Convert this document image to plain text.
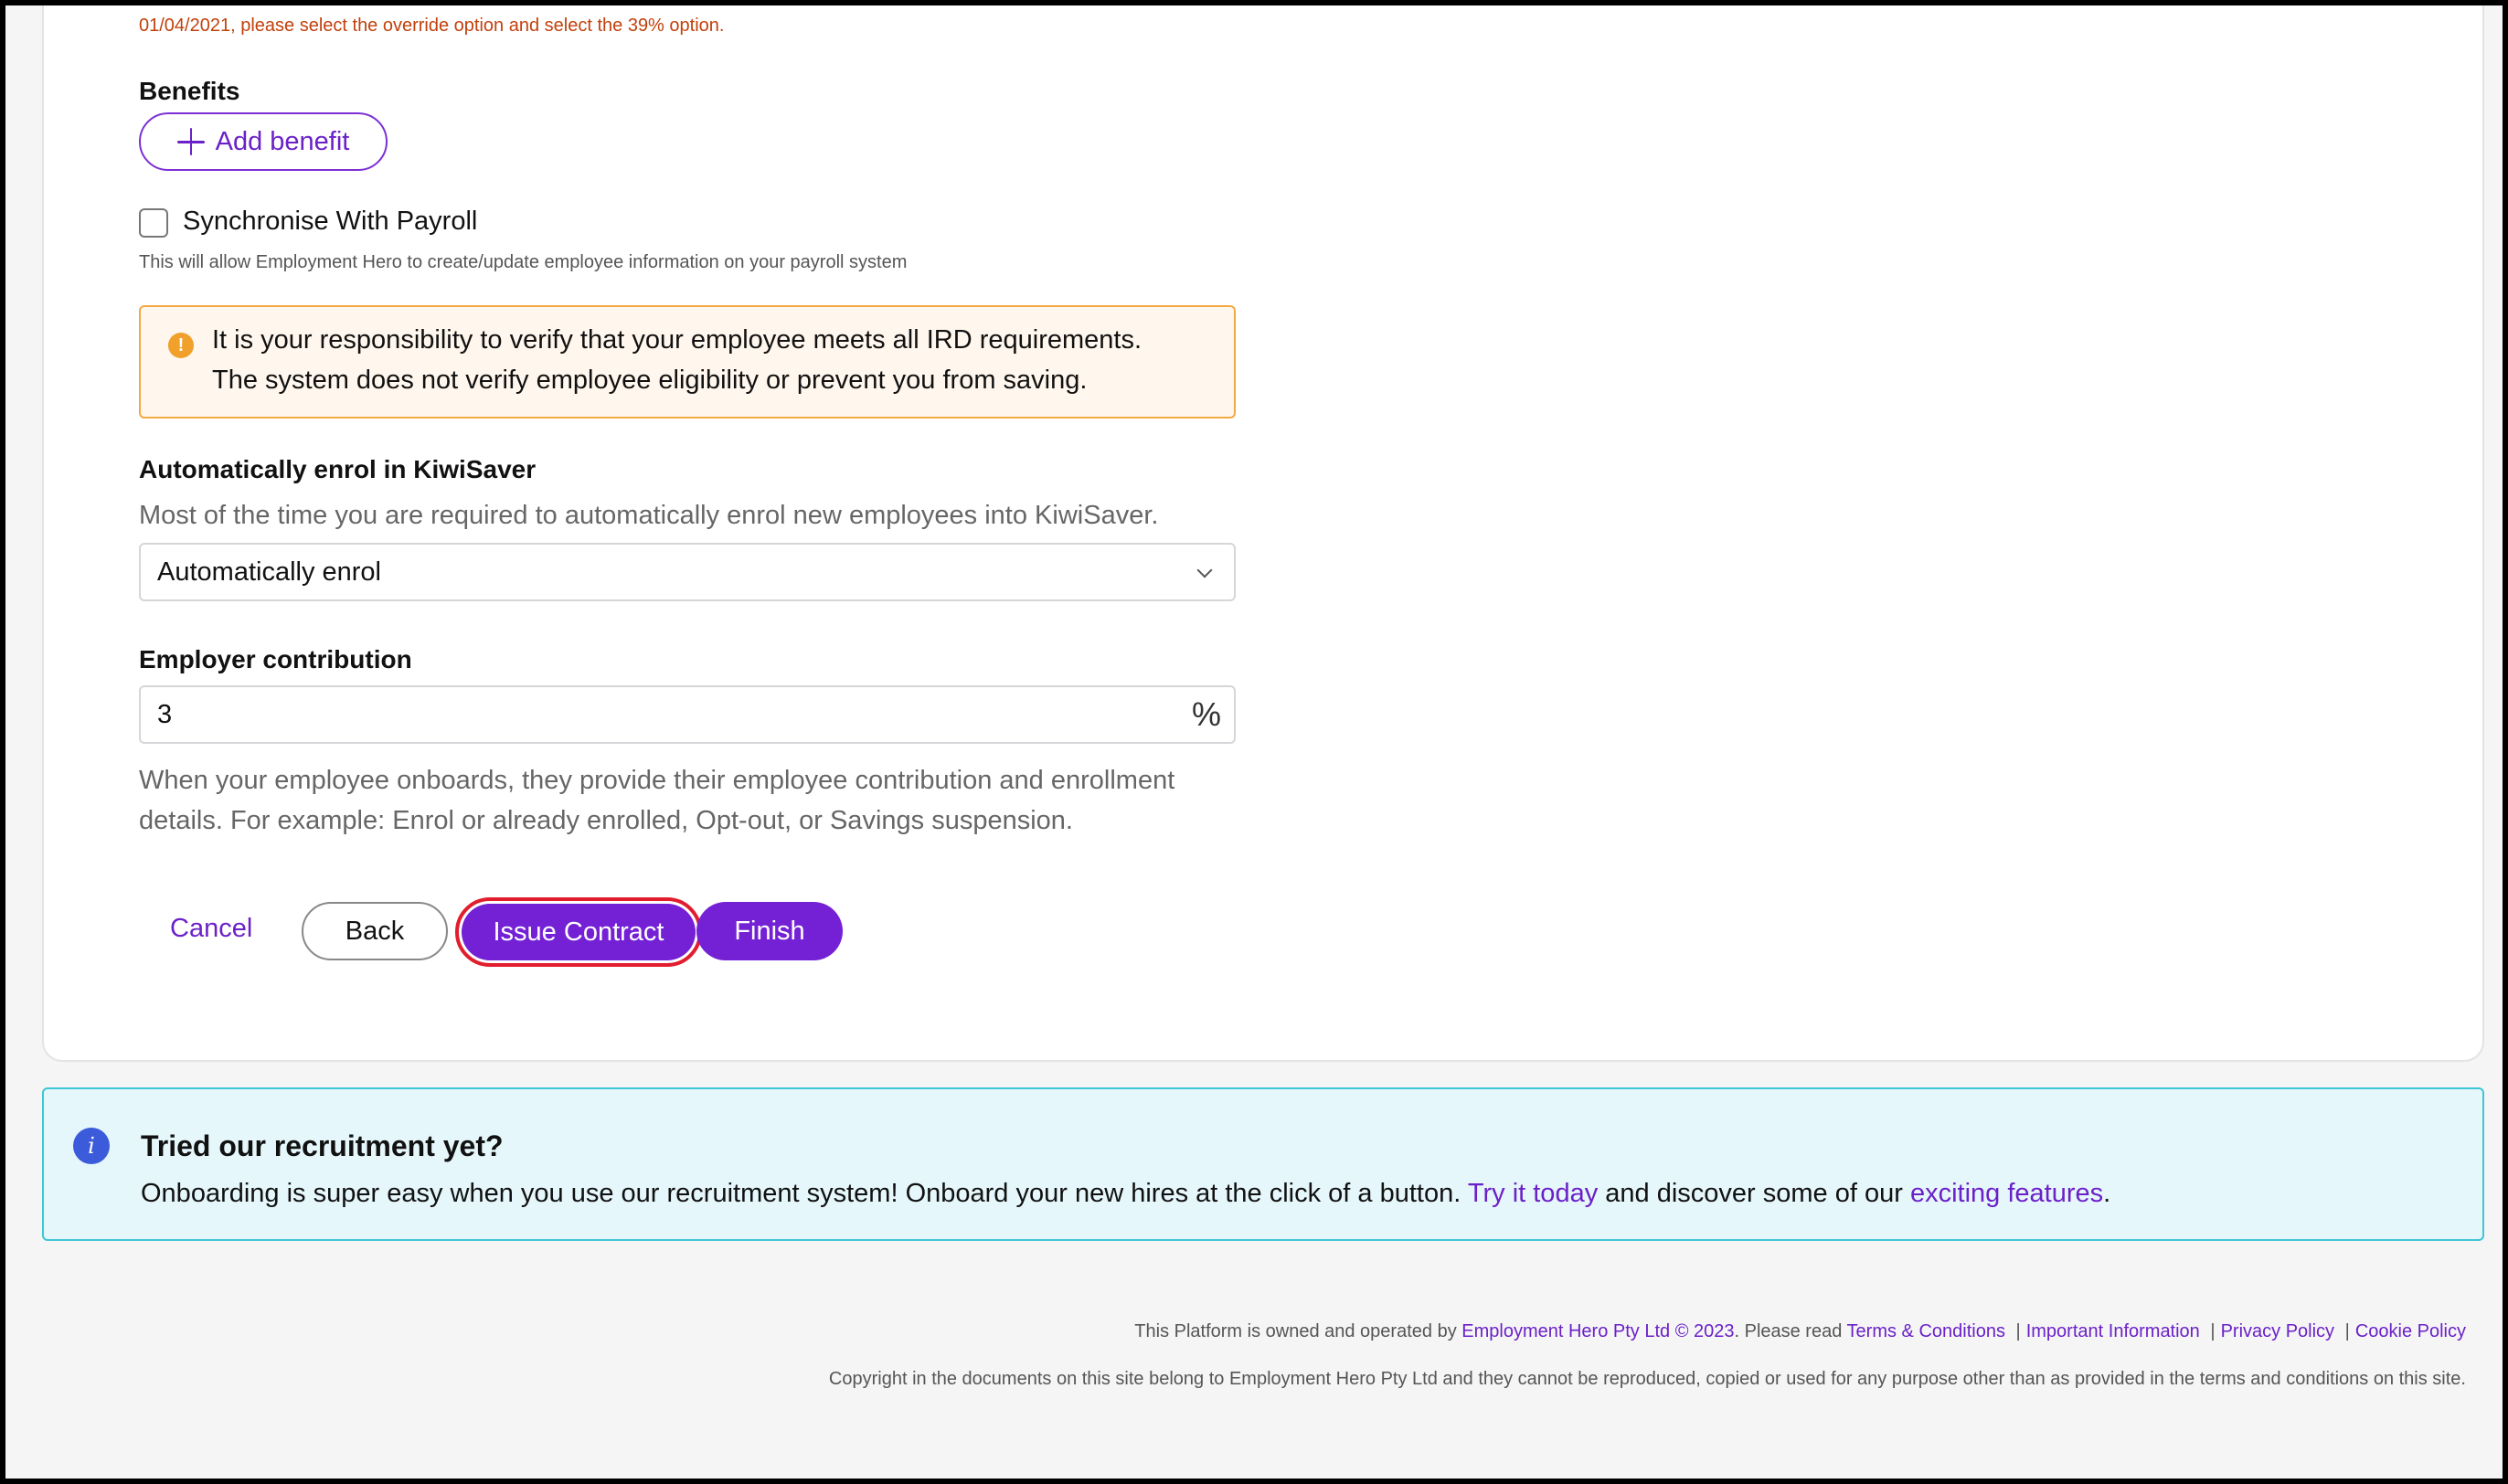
01/04/2021, please select the override option and select the 39% option.
Benefits
Add benefit
Synchronise With Payroll
This will allow Employment Hero to create/update employee information on your payroll system
!	It is your responsibility to verify that your employee meets all IRD requirements.
The system does not verify employee eligibility or prevent you from saving.
Automatically enrol in KiwiSaver
Most of the time you are required to automatically enrol new employees into KiwiSaver.
Automatically enrol
Employer contribution
3	%
When your employee onboards, they provide their employee contribution and enrollment details. For example: Enrol or already enrolled, Opt-out, or Savings suspension.
Cancel	Back	Issue Contract	Finish
i	Tried our recruitment yet?
Onboarding is super easy when you use our recruitment system! Onboard your new hires at the click of a button. Try it today and discover some of our exciting features.
This Platform is owned and operated by Employment Hero Pty Ltd © 2023. Please read Terms & Conditions | Important Information | Privacy Policy | Cookie Policy
Copyright in the documents on this site belong to Employment Hero Pty Ltd and they cannot be reproduced, copied or used for any purpose other than as provided in the terms and conditions on this site.
